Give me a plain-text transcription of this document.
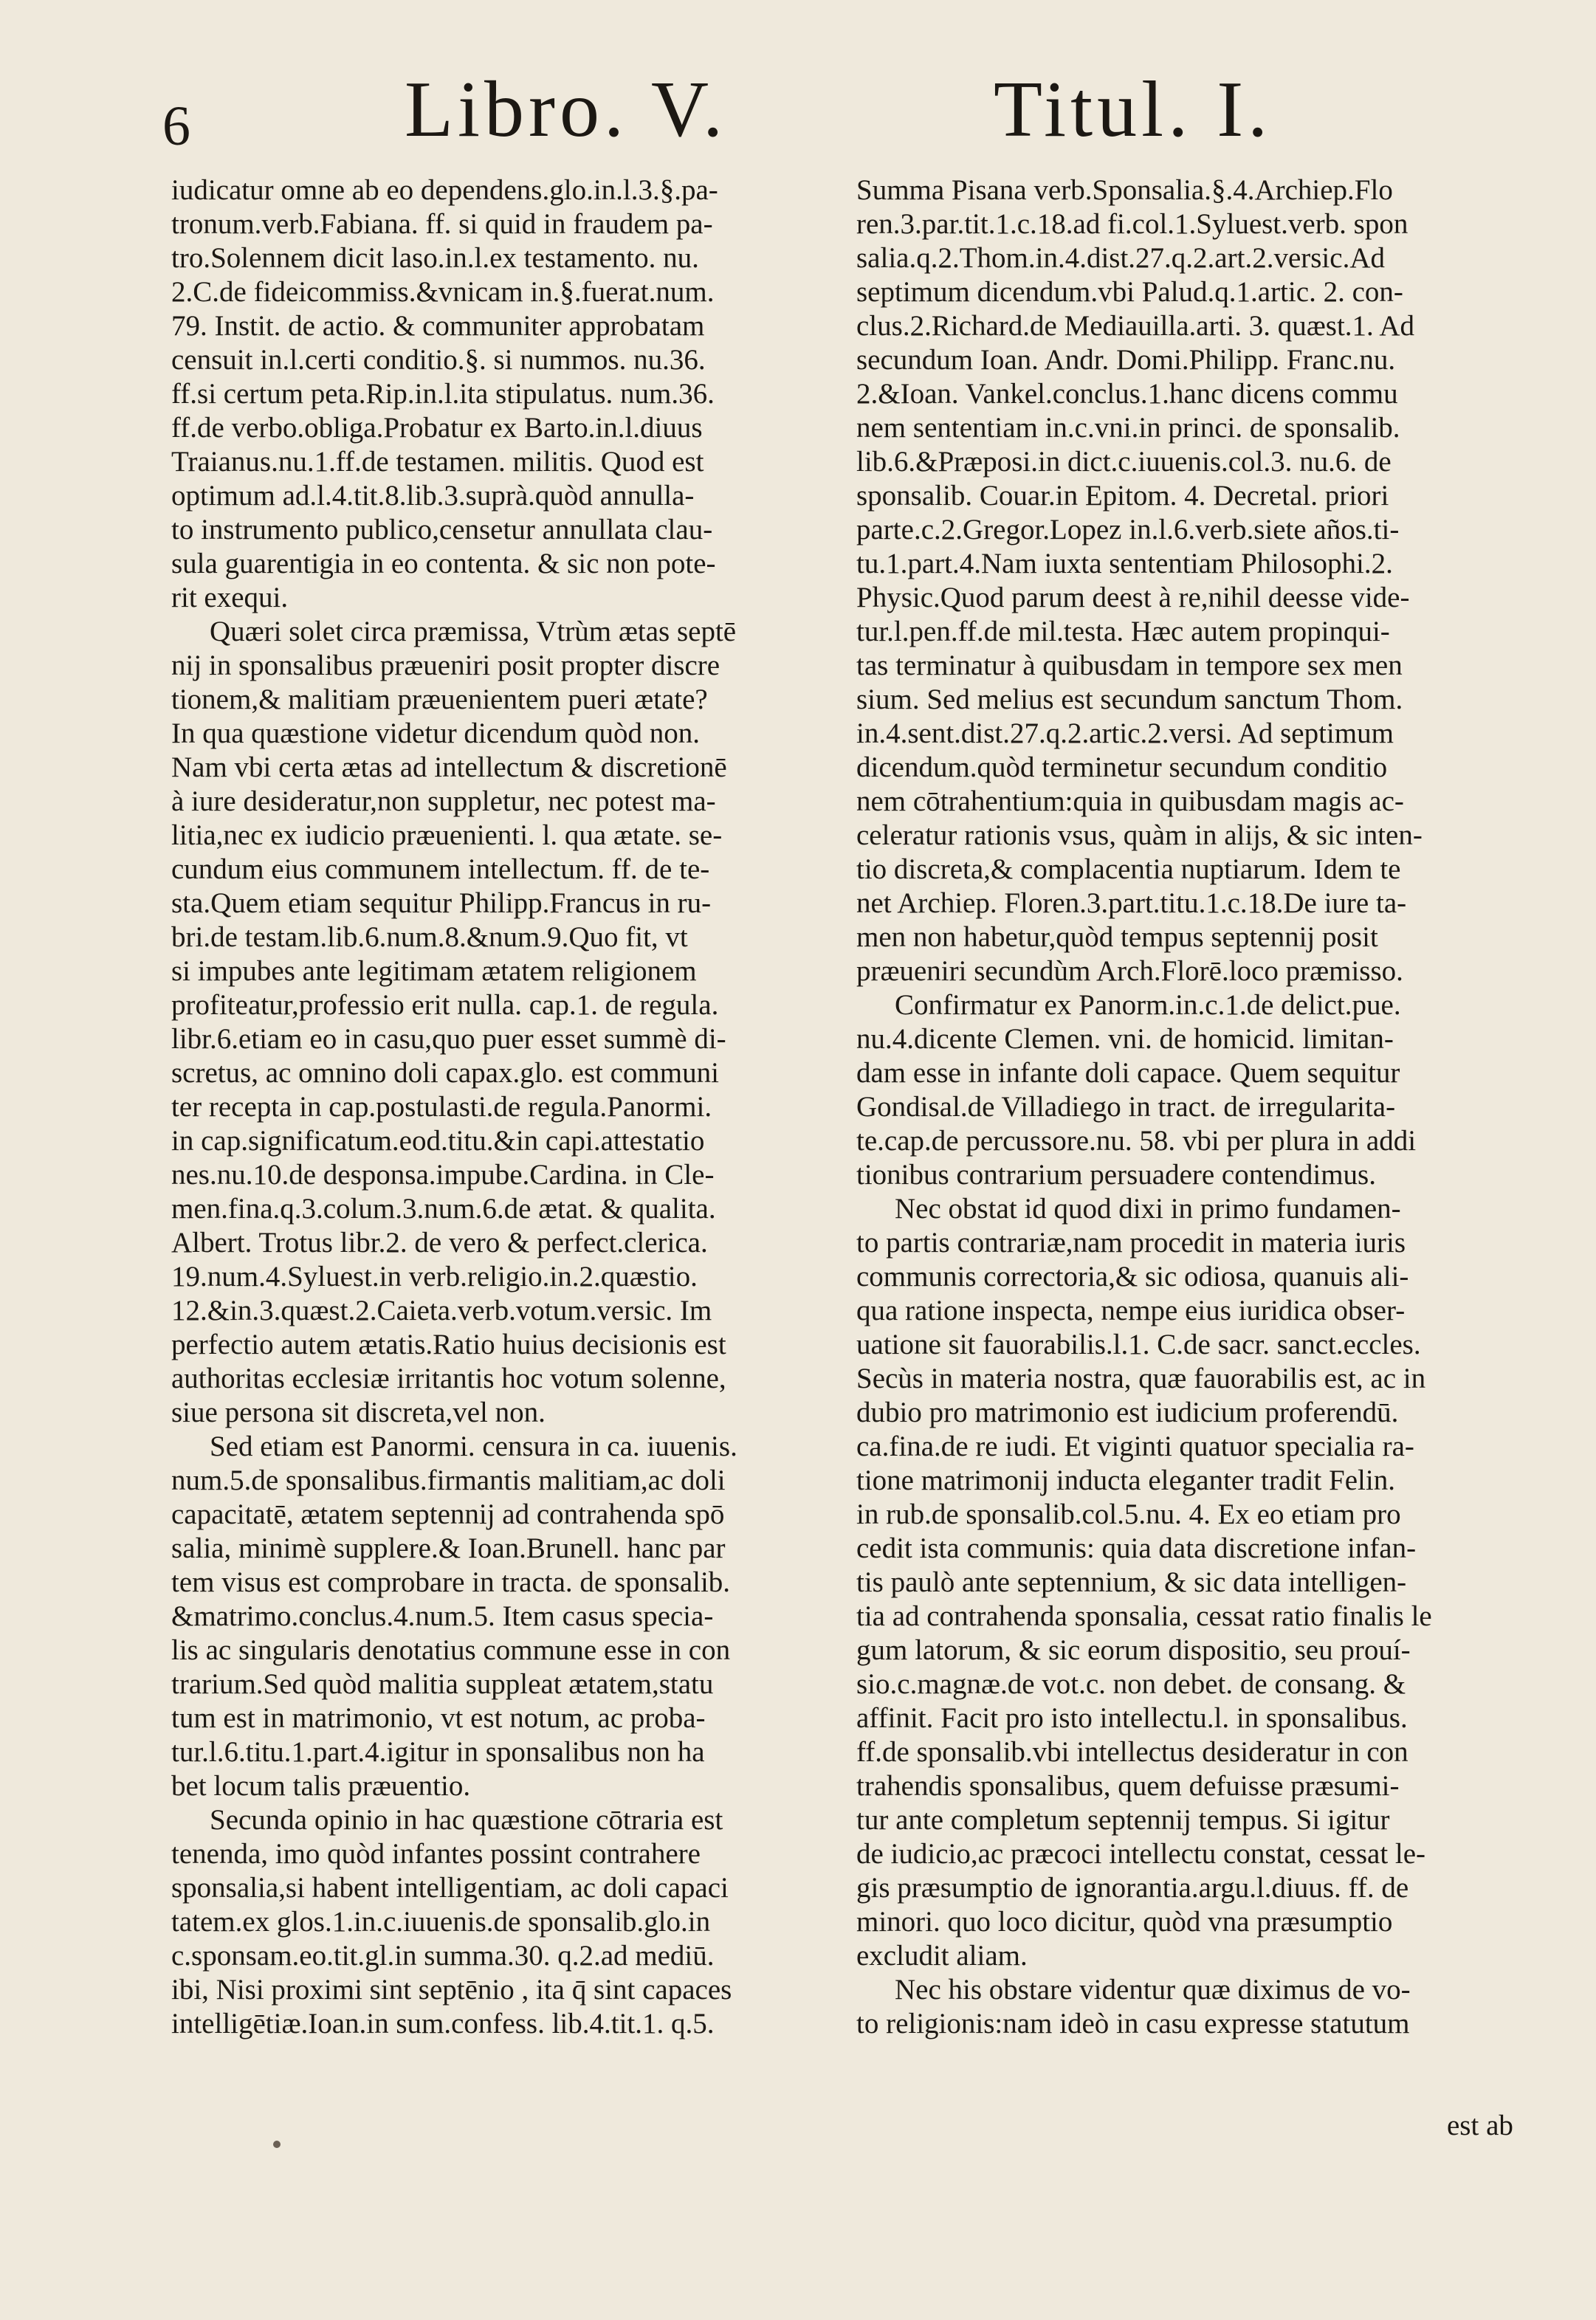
6	Libro. V.	Titul. I.
iudicatur omne ab eo dependens.glo.in.l.3.§.pa-
tronum.verb.Fabiana. ff. si quid in fraudem pa-
tro.Solennem dicit laso.in.l.ex testamento. nu.
2.C.de fideicommiss.&vnicam in.§.fuerat.num.
79. Instit. de actio. & communiter approbatam
censuit in.l.certi conditio.§. si nummos. nu.36.
ff.si certum peta.Rip.in.l.ita stipulatus. num.36.
ff.de verbo.obliga.Probatur ex Barto.in.l.diuus
Traianus.nu.1.ff.de testamen. militis. Quod est
optimum ad.l.4.tit.8.lib.3.suprà.quòd annulla-
to instrumento publico,censetur annullata clau-
sula guarentigia in eo contenta. & sic non pote-
rit exequi.
Quæri solet circa præmissa, Vtrùm ætas septē
nij in sponsalibus præueniri posit propter discre
tionem,& malitiam præuenientem pueri ætate?
In qua quæstione videtur dicendum quòd non.
Nam vbi certa ætas ad intellectum & discretionē
à iure desideratur,non suppletur, nec potest ma-
litia,nec ex iudicio præuenienti. l. qua ætate. se-
cundum eius communem intellectum. ff. de te-
sta.Quem etiam sequitur Philipp.Francus in ru-
bri.de testam.lib.6.num.8.&num.9.Quo fit, vt
si impubes ante legitimam ætatem religionem
profiteatur,professio erit nulla. cap.1. de regula.
libr.6.etiam eo in casu,quo puer esset summè di-
scretus, ac omnino doli capax.glo. est communi
ter recepta in cap.postulasti.de regula.Panormi.
in cap.significatum.eod.titu.&in capi.attestatio
nes.nu.10.de desponsa.impube.Cardina. in Cle-
men.fina.q.3.colum.3.num.6.de ætat. & qualita.
Albert. Trotus libr.2. de vero & perfect.clerica.
19.num.4.Syluest.in verb.religio.in.2.quæstio.
12.&in.3.quæst.2.Caieta.verb.votum.versic. Im
perfectio autem ætatis.Ratio huius decisionis est
authoritas ecclesiæ irritantis hoc votum solenne,
siue persona sit discreta,vel non.
Sed etiam est Panormi. censura in ca. iuuenis.
num.5.de sponsalibus.firmantis malitiam,ac doli
capacitatē, ætatem septennij ad contrahenda spō
salia, minimè supplere.& Ioan.Brunell. hanc par
tem visus est comprobare in tracta. de sponsalib.
&matrimo.conclus.4.num.5. Item casus specia-
lis ac singularis denotatius commune esse in con
trarium.Sed quòd malitia suppleat ætatem,statu
tum est in matrimonio, vt est notum, ac proba-
tur.l.6.titu.1.part.4.igitur in sponsalibus non ha
bet locum talis præuentio.
Secunda opinio in hac quæstione cōtraria est
tenenda, imo quòd infantes possint contrahere
sponsalia,si habent intelligentiam, ac doli capaci
tatem.ex glos.1.in.c.iuuenis.de sponsalib.glo.in
c.sponsam.eo.tit.gl.in summa.30. q.2.ad mediū.
ibi, Nisi proximi sint septēnio , ita q̄ sint capaces
intelligētiæ.Ioan.in sum.confess. lib.4.tit.1. q.5.
Summa Pisana verb.Sponsalia.§.4.Archiep.Flo
ren.3.par.tit.1.c.18.ad fi.col.1.Syluest.verb. spon
salia.q.2.Thom.in.4.dist.27.q.2.art.2.versic.Ad
septimum dicendum.vbi Palud.q.1.artic. 2. con-
clus.2.Richard.de Mediauilla.arti. 3. quæst.1. Ad
secundum Ioan. Andr. Domi.Philipp. Franc.nu.
2.&Ioan. Vankel.conclus.1.hanc dicens commu
nem sententiam in.c.vni.in princi. de sponsalib.
lib.6.&Præposi.in dict.c.iuuenis.col.3. nu.6. de
sponsalib. Couar.in Epitom. 4. Decretal. priori
parte.c.2.Gregor.Lopez in.l.6.verb.siete años.ti-
tu.1.part.4.Nam iuxta sententiam Philosophi.2.
Physic.Quod parum deest à re,nihil deesse vide-
tur.l.pen.ff.de mil.testa. Hæc autem propinqui-
tas terminatur à quibusdam in tempore sex men
sium. Sed melius est secundum sanctum Thom.
in.4.sent.dist.27.q.2.artic.2.versi. Ad septimum
dicendum.quòd terminetur secundum conditio
nem cōtrahentium:quia in quibusdam magis ac-
celeratur rationis vsus, quàm in alijs, & sic inten-
tio discreta,& complacentia nuptiarum. Idem te
net Archiep. Floren.3.part.titu.1.c.18.De iure ta-
men non habetur,quòd tempus septennij posit
præueniri secundùm Arch.Florē.loco præmisso.
Confirmatur ex Panorm.in.c.1.de delict.pue.
nu.4.dicente Clemen. vni. de homicid. limitan-
dam esse in infante doli capace. Quem sequitur
Gondisal.de Villadiego in tract. de irregularita-
te.cap.de percussore.nu. 58. vbi per plura in addi
tionibus contrarium persuadere contendimus.
Nec obstat id quod dixi in primo fundamen-
to partis contrariæ,nam procedit in materia iuris
communis correctoria,& sic odiosa, quanuis ali-
qua ratione inspecta, nempe eius iuridica obser-
uatione sit fauorabilis.l.1. C.de sacr. sanct.eccles.
Secùs in materia nostra, quæ fauorabilis est, ac in
dubio pro matrimonio est iudicium proferendū.
ca.fina.de re iudi. Et viginti quatuor specialia ra-
tione matrimonij inducta eleganter tradit Felin.
in rub.de sponsalib.col.5.nu. 4. Ex eo etiam pro
cedit ista communis: quia data discretione infan-
tis paulò ante septennium, & sic data intelligen-
tia ad contrahenda sponsalia, cessat ratio finalis le
gum latorum, & sic eorum dispositio, seu prouí-
sio.c.magnæ.de vot.c. non debet. de consang. &
affinit. Facit pro isto intellectu.l. in sponsalibus.
ff.de sponsalib.vbi intellectus desideratur in con
trahendis sponsalibus, quem defuisse præsumi-
tur ante completum septennij tempus. Si igitur
de iudicio,ac præcoci intellectu constat, cessat le-
gis præsumptio de ignorantia.argu.l.diuus. ff. de
minori. quo loco dicitur, quòd vna præsumptio
excludit aliam.
Nec his obstare videntur quæ diximus de vo-
to religionis:nam ideò in casu expresse statutum
est ab
